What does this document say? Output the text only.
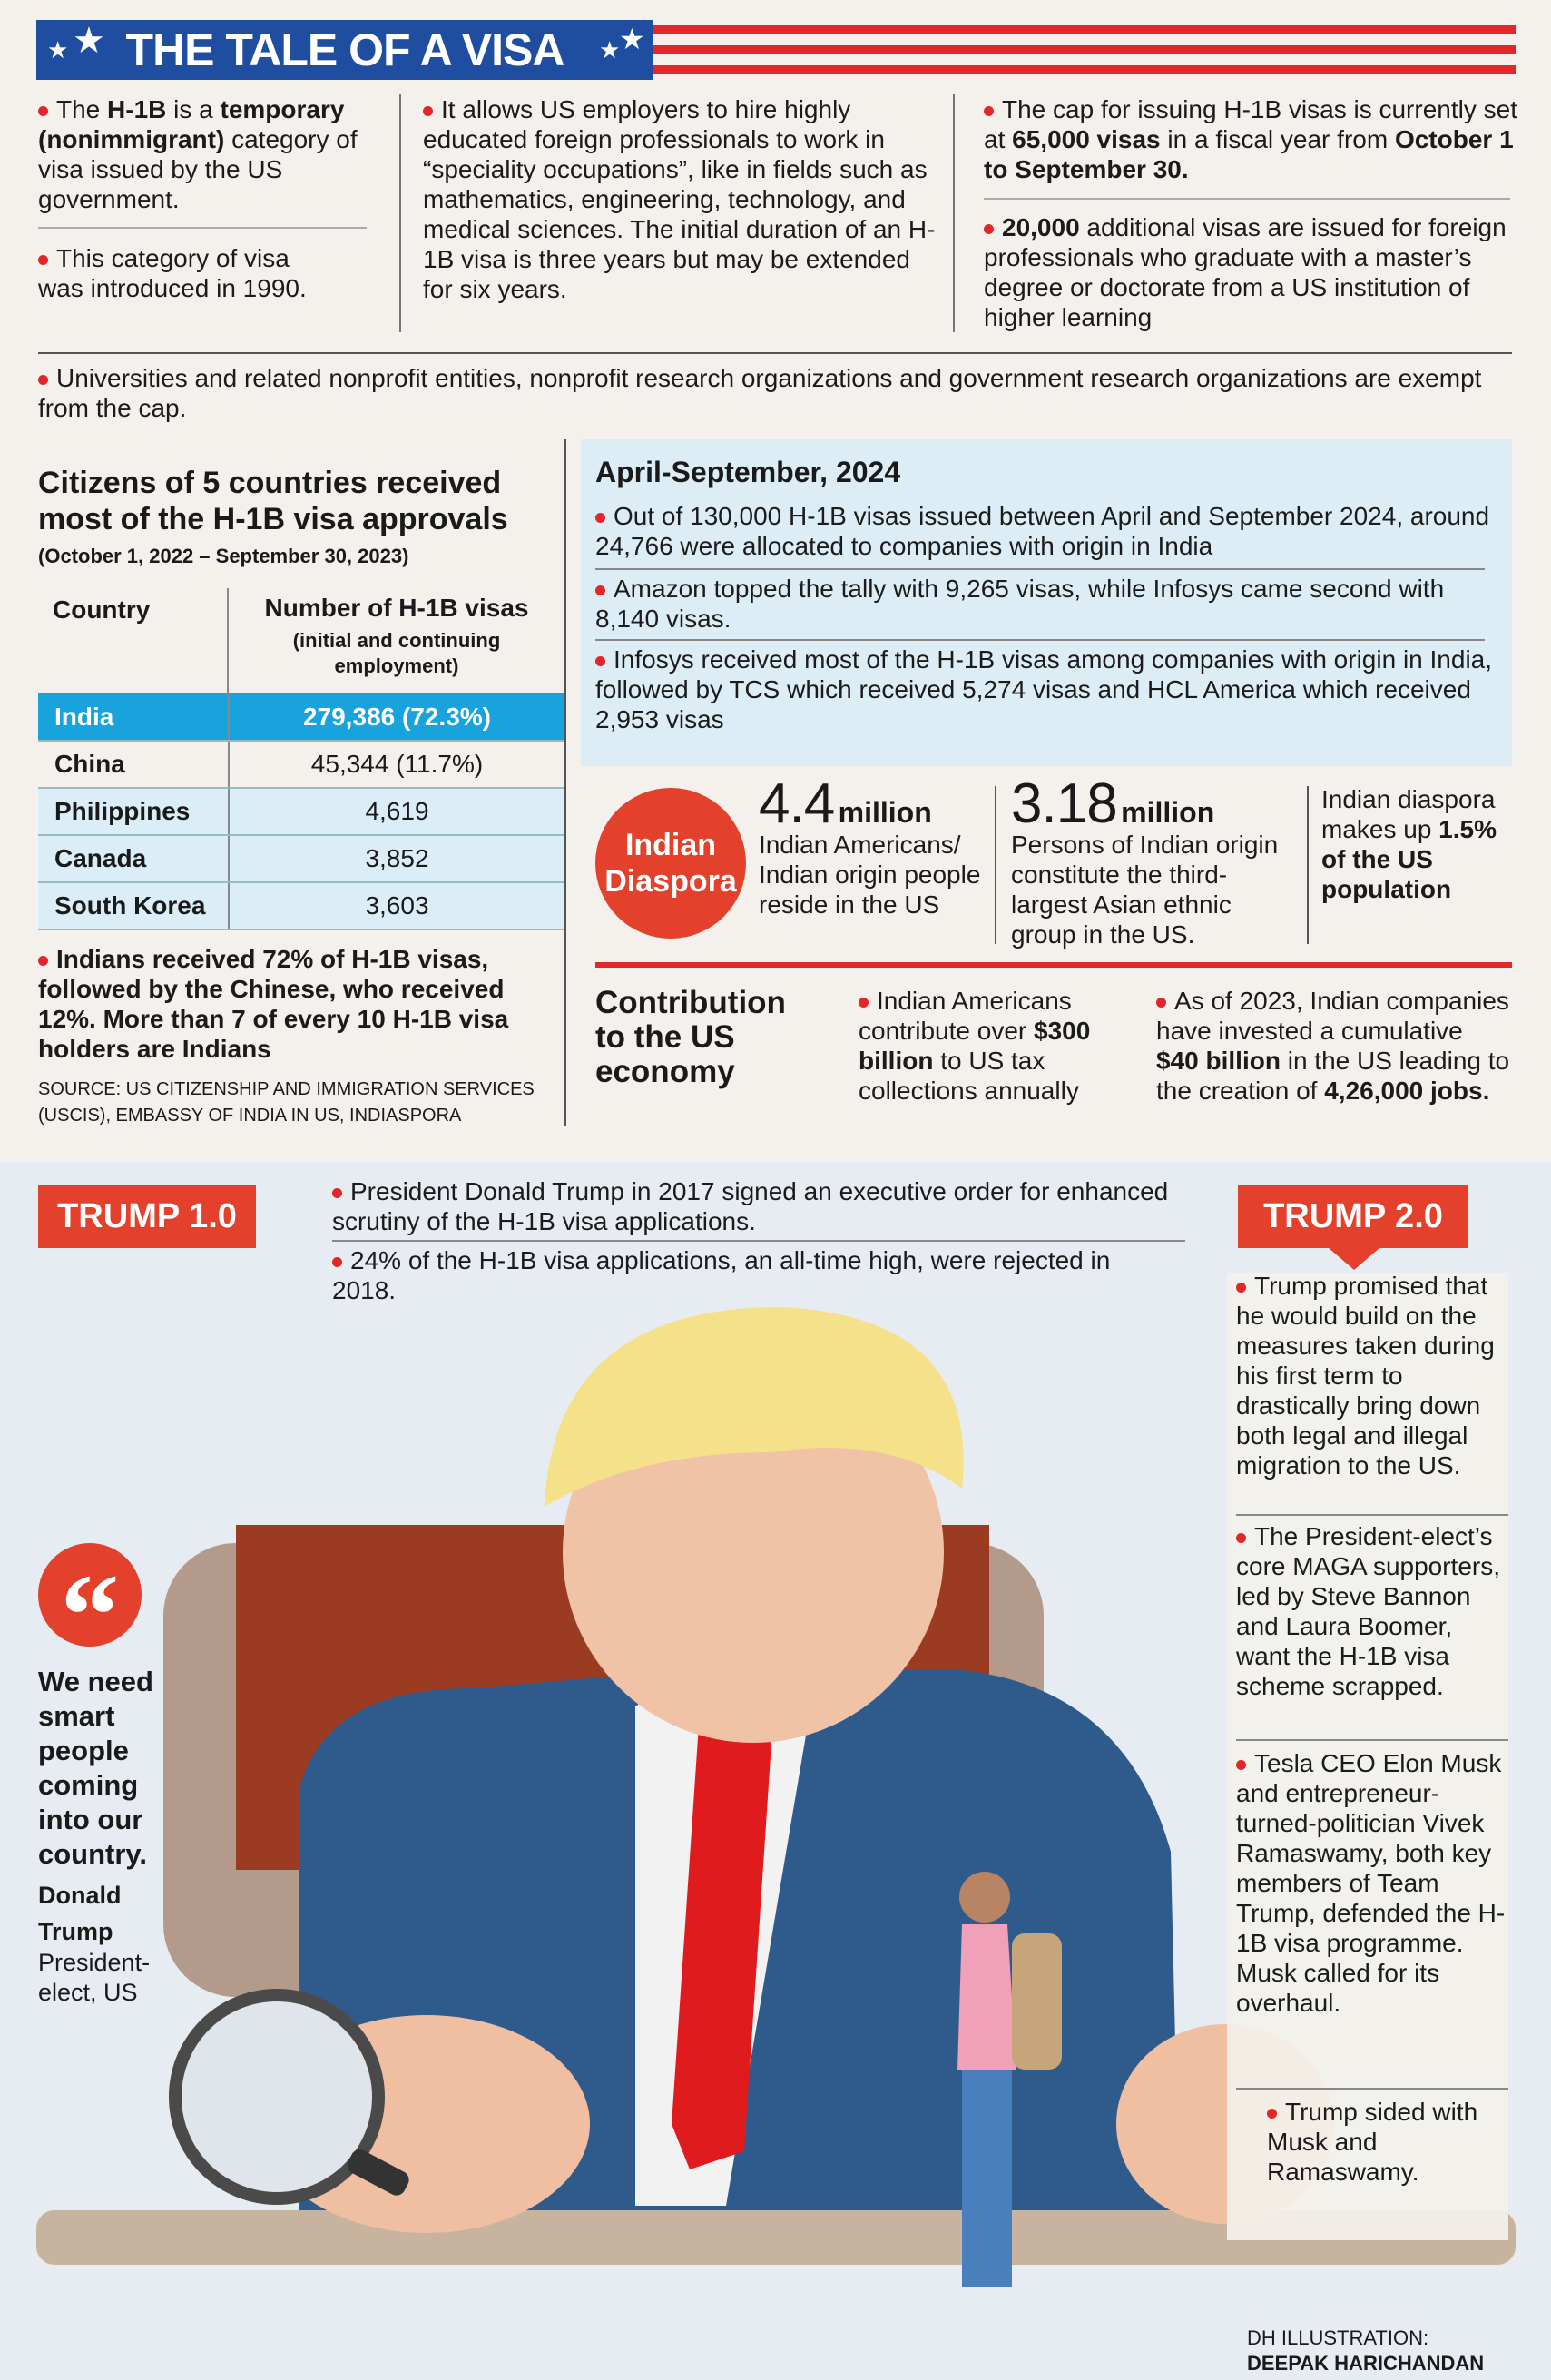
THE TALE OF A VISA
★ ★	★
★
The H-1B is a temporary (nonimmigrant) category of visa issued by the US government.
This category of visa was introduced in 1990.
It allows US employers to hire highly educated foreign professionals to work in “speciality occupations”, like in fields such as mathematics, engineering, technology, and medical sciences. The initial duration of an H-1B visa is three years but may be extended for six years.
The cap for issuing H-1B visas is currently set at 65,000 visas in a fiscal year from October 1 to September 30.
20,000 additional visas are issued for foreign professionals who graduate with a master’s degree or doctorate from a US institution of higher learning
Universities and related nonprofit entities, nonprofit research organizations and government research organizations are exempt from the cap.
Citizens of 5 countries received most of the H-1B visa approvals
(October 1, 2022 – September 30, 2023)
Country	Number of H-1B visas
(initial and continuing employment)
India	279,386 (72.3%)
China	45,344 (11.7%)
Philippines	4,619
Canada	3,852
South Korea	3,603
Indians received 72% of H-1B visas, followed by the Chinese, who received 12%. More than 7 of every 10 H-1B visa holders are Indians
SOURCE: US CITIZENSHIP AND IMMIGRATION SERVICES (USCIS), EMBASSY OF INDIA IN US, INDIASPORA
April-September, 2024
Out of 130,000 H-1B visas issued between April and September 2024, around 24,766 were allocated to companies with origin in India
Amazon topped the tally with 9,265 visas, while Infosys came second with 8,140 visas.
Infosys received most of the H-1B visas among companies with origin in India, followed by TCS which received 5,274 visas and HCL America which received 2,953 visas
Indian
Diaspora
4.4 million
Indian Americans/ Indian origin people reside in the US
3.18 million
Persons of Indian origin constitute the third-largest Asian ethnic group in the US.
Indian diaspora makes up 1.5% of the US population
Contribution to the US economy
Indian Americans contribute over $300 billion to US tax collections annually
As of 2023, Indian companies have invested a cumulative $40 billion in the US leading to the creation of 4,26,000 jobs.
TRUMP 1.0
President Donald Trump in 2017 signed an executive order for enhanced scrutiny of the H-1B visa applications.
24% of the H-1B visa applications, an all-time high, were rejected in 2018.
TRUMP 2.0
Trump promised that he would build on the measures taken during his first term to drastically bring down both legal and illegal migration to the US.
The President-elect’s core MAGA supporters, led by Steve Bannon and Laura Boomer, want the H-1B visa scheme scrapped.
Tesla CEO Elon Musk and entrepreneur-turned-politician Vivek Ramaswamy, both key members of Team Trump, defended the H-1B visa programme. Musk called for its overhaul.
Trump sided with Musk and Ramaswamy.
“
We need smart people coming into our country.
Donald Trump
President-elect, US
DH ILLUSTRATION:
DEEPAK HARICHANDAN
